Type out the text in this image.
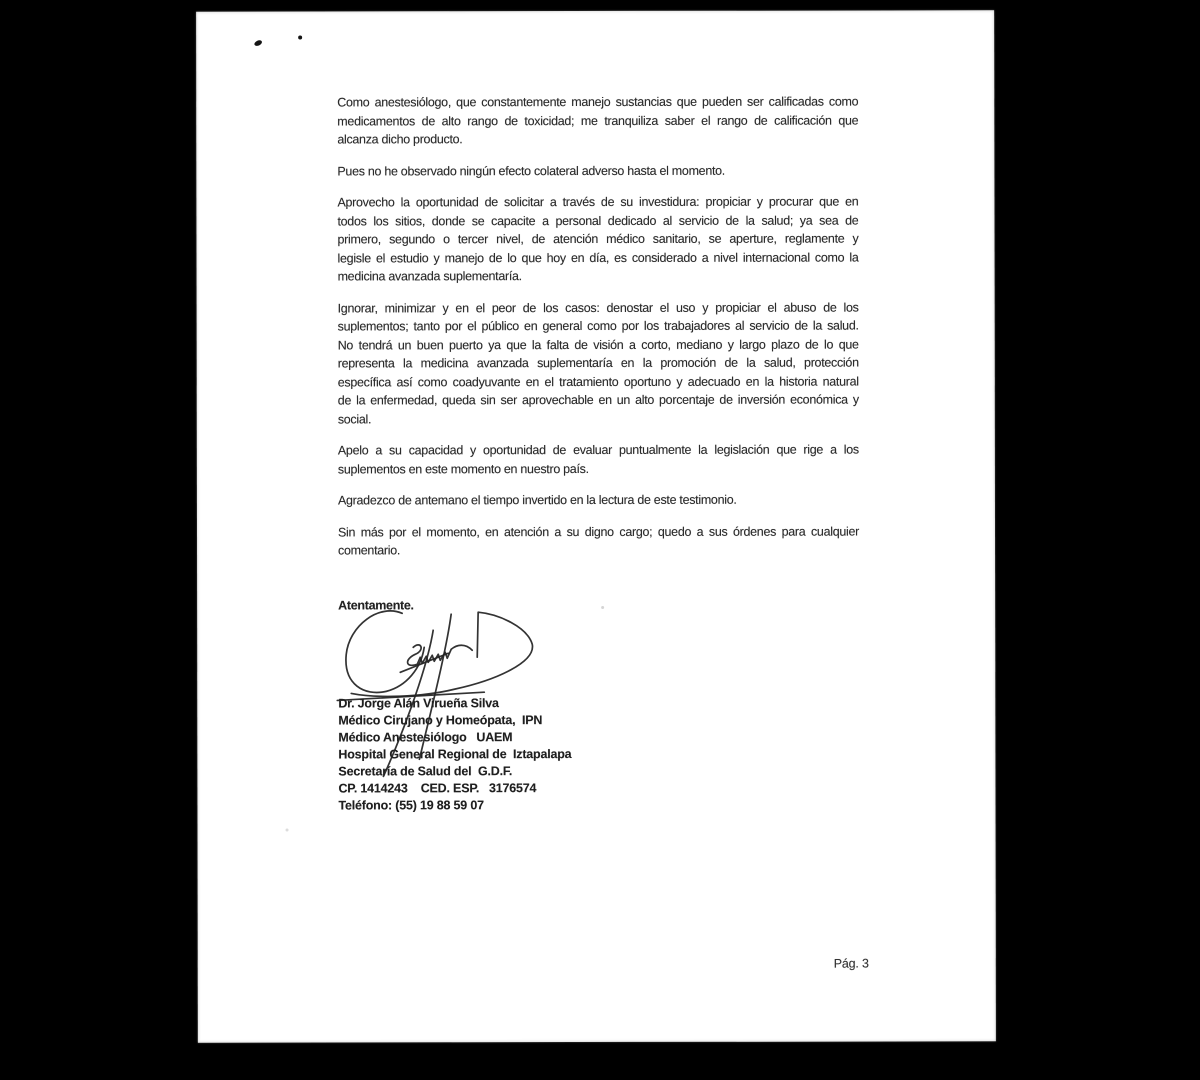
Como anestesiólogo, que constantemente manejo sustancias que pueden ser calificadas como
medicamentos de alto rango de toxicidad; me tranquiliza saber el rango de calificación que
alcanza dicho producto.
Pues no he observado ningún efecto colateral adverso hasta el momento.
Aprovecho la oportunidad de solicitar a través de su investidura: propiciar y procurar que en
todos los sitios, donde se capacite a personal dedicado al servicio de la salud; ya sea de
primero, segundo o tercer nivel, de atención médico sanitario, se aperture, reglamente y
legisle el estudio y manejo de lo que hoy en día, es considerado a nivel internacional como la
medicina avanzada suplementaría.
Ignorar, minimizar y en el peor de los casos: denostar el uso y propiciar el abuso de los
suplementos; tanto por el público en general como por los trabajadores al servicio de la salud.
No tendrá un buen puerto ya que la falta de visión a corto, mediano y largo plazo de lo que
representa la medicina avanzada suplementaría en la promoción de la salud, protección
específica así como coadyuvante en el tratamiento oportuno y adecuado en la historia natural
de la enfermedad, queda sin ser aprovechable en un alto porcentaje de inversión económica y
social.
Apelo a su capacidad y oportunidad de evaluar puntualmente la legislación que rige a los
suplementos en este momento en nuestro país.
Agradezco de antemano el tiempo invertido en la lectura de este testimonio.
Sin más por el momento, en atención a su digno cargo; quedo a sus órdenes para cualquier
comentario.
Atentamente.
Dr. Jorge Alán Virueña Silva
Médico Cirujano y Homeópata,  IPN
Médico Anestesiólogo   UAEM
Hospital General Regional de  Iztapalapa
Secretaría de Salud del  G.D.F.
CP. 1414243    CED. ESP.   3176574
Teléfono: (55) 19 88 59 07
Pág. 3
